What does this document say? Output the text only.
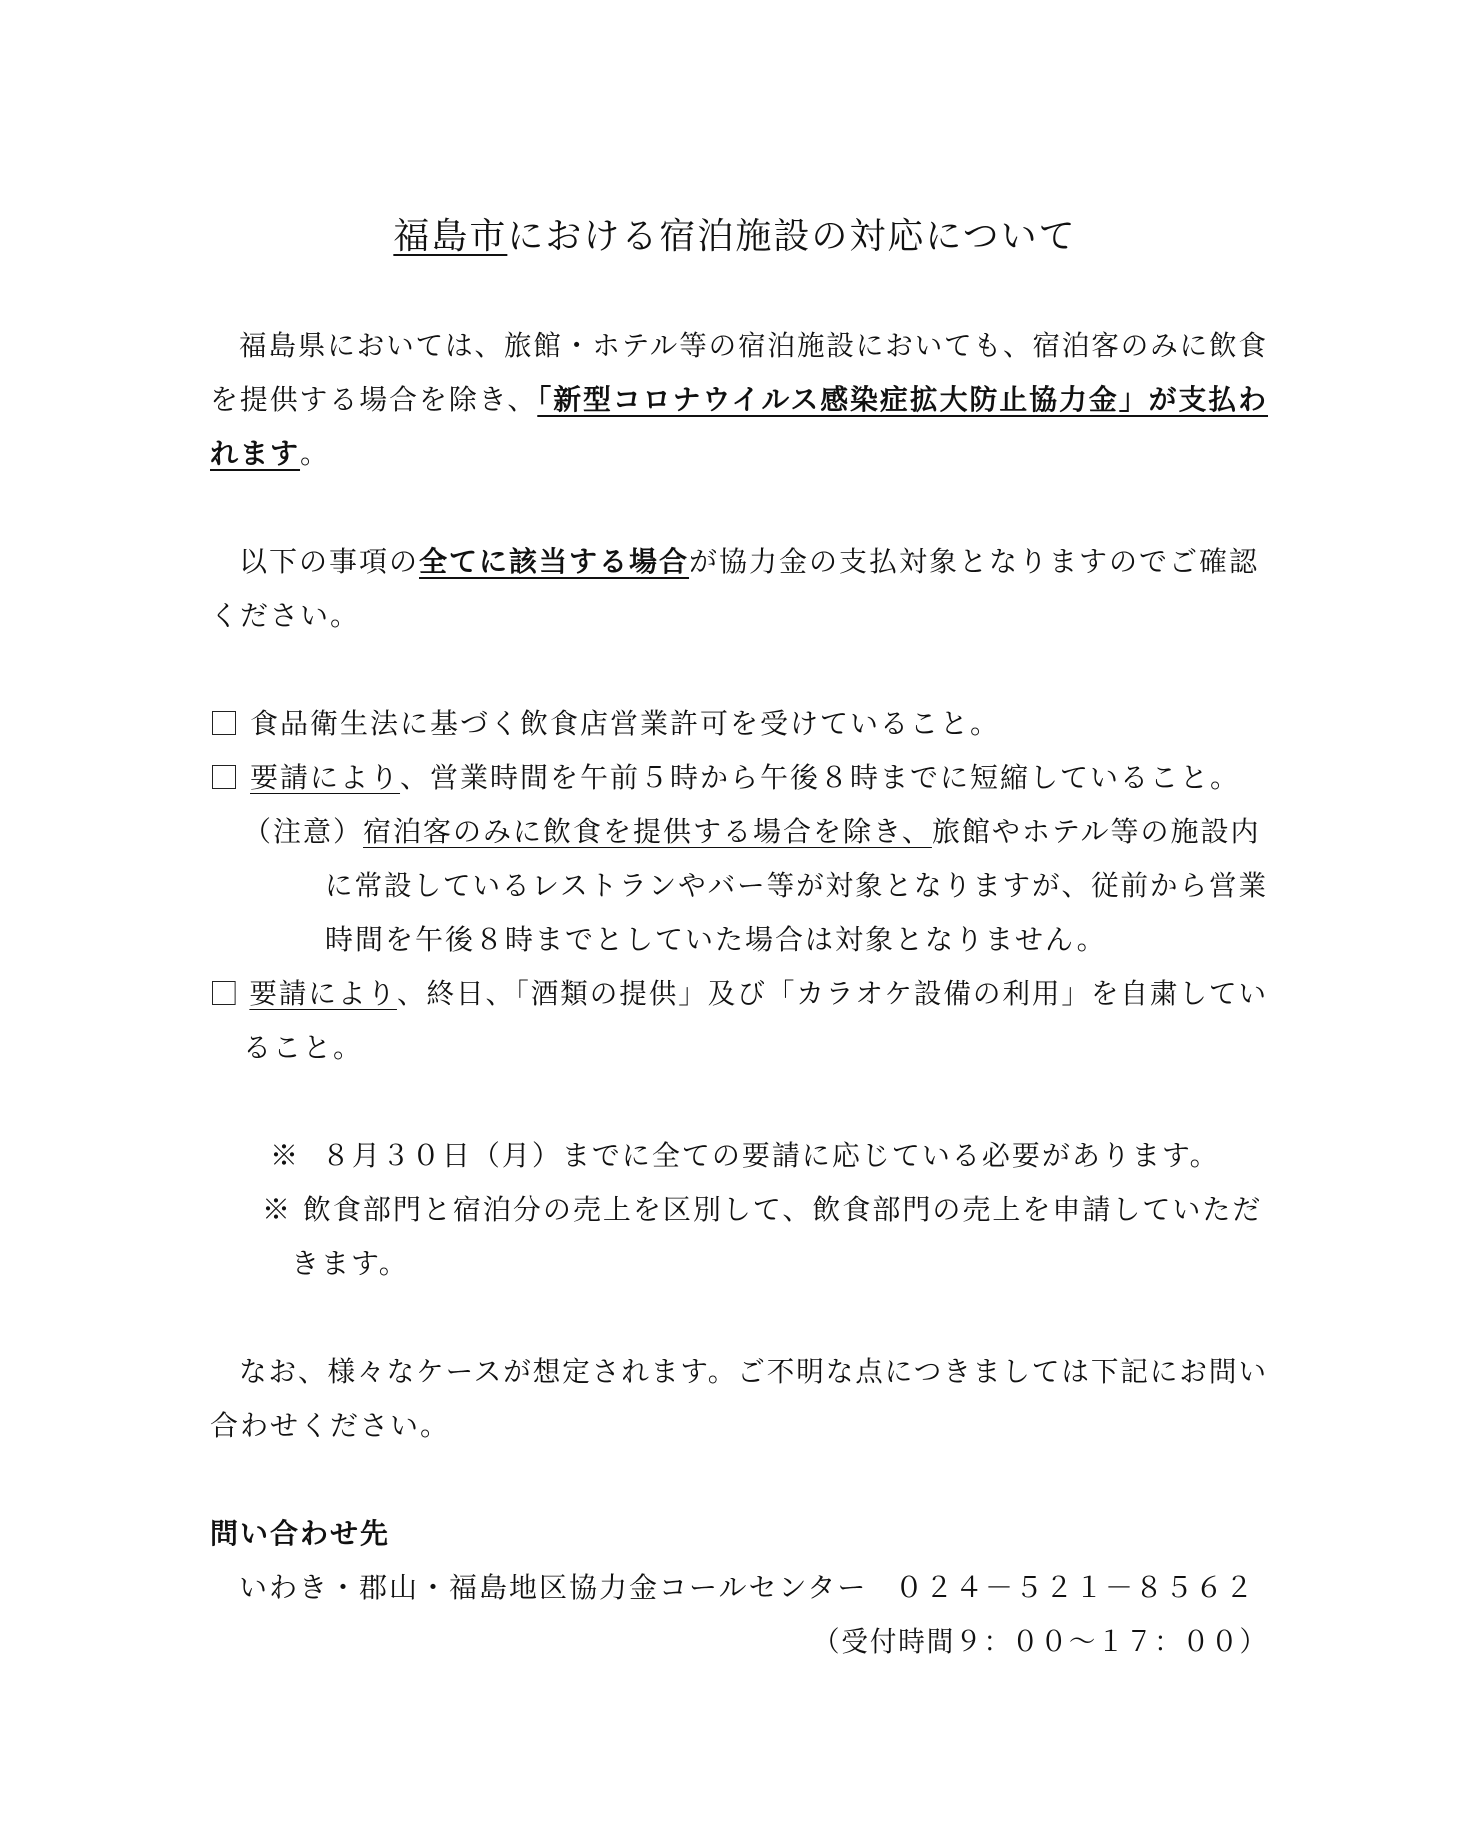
福島市における宿泊施設の対応について
福島県においては、旅館・ホテル等の宿泊施設においても、宿泊客のみに飲食
を提供する場合を除き、「新型コロナウイルス感染症拡大防止協力金」が支払わ
れます。
以下の事項の全てに該当する場合が協力金の支払対象となりますのでご確認
ください。
食品衛生法に基づく飲食店営業許可を受けていること。
要請により、営業時間を午前５時から午後８時までに短縮していること。
（注意）宿泊客のみに飲食を提供する場合を除き、旅館やホテル等の施設内
に常設しているレストランやバー等が対象となりますが、従前から営業
時間を午後８時までとしていた場合は対象となりません。
要請により、終日、「酒類の提供」及び「カラオケ設備の利用」を自粛してい
ること。
※ ８月３０日（月）までに全ての要請に応じている必要があります。
※ 飲食部門と宿泊分の売上を区別して、飲食部門の売上を申請していただ
きます。
なお、様々なケースが想定されます。ご不明な点につきましては下記にお問い
合わせください。
問い合わせ先
いわき・郡山・福島地区協力金コールセンター ０２４－５２１－８５６２
（受付時間９：００～１７：００）
